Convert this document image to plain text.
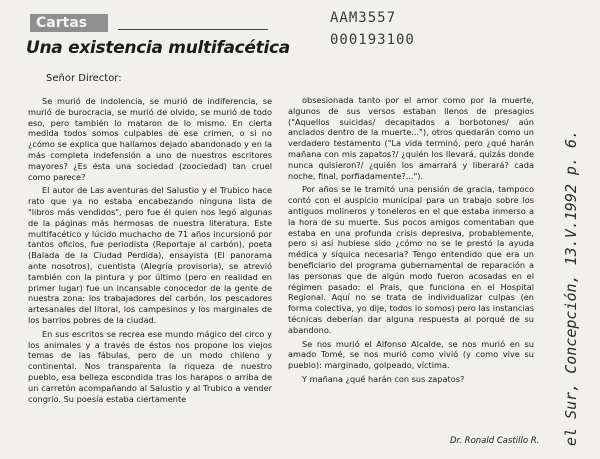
Cartas
Una existencia multifacética
AAM3557
000193100
Señor Director:

Se murió de indolencia, se murió de indiferencia, se murió de burocracia, se murió de olvido, se murió de todo eso, pero también lo mataron de lo mismo. En cierta medida todos somos culpables de ese crimen, o si no ¿cómo se explica que hallamos dejado abandonado y en la más completa indefensión a uno de nuestros escritores mayores? ¿Es ésta una sociedad (zoociedad) tan cruel como parece?

El autor de Las aventuras del Salustio y el Trubico hace rato que ya no estaba encabezando ninguna lista de "libros más vendidos", pero fue él quien nos legó algunas de la páginas más hermosas de nuestra literatura. Este multifacético y lúcido muchacho de 71 años incursionó por tantos oficios, fue periodista (Reportaje al carbón), poeta (Balada de la Ciudad Perdida), ensayista (El panorama ante nosotros), cuentista (Alegría provisoria), se atrevió también con la pintura y por último (pero en realidad en primer lugar) fue un incansable conocedor de la gente de nuestra zona: los trabajadores del carbón, los pescadores artesanales del litoral, los campesinos y los marginales de los barrios pobres de la ciudad.

En sus escritos se recrea ese mundo mágico del circo y los animales y a través de éstos nos propone los viejos temas de las fábulas, pero de un modo chileno y continental. Nos transparenta la riqueza de nuestro pueblo, esa belleza escondida tras los harapos o arriba de un carretón acompañando al Salustio y al Trubico a vender congrio. Su poesía estaba ciertamente

obsesionada tanto por el amor como por la muerte, algunos de sus versos estaban llenos de presagios ("Aquellos suicidas/ decapitados a borbotones/ aún anclados dentro de la muerte..."), otros quedarán como un verdadero testamento ("La vida terminó, pero ¿qué harán mañana con mis zapatos?/ ¿quién los llevará, quizás donde nunca quisieron?/ ¿quién los amarrará y liberará? cada noche, final, porfiadamente?...").

Por años se le tramitó una pensión de gracia, tampoco contó con el auspicio municipal para un trabajo sobre los antiguos molineros y toneleros en el que estaba inmerso a la hora de su muerte. Sus pocos amigos comentaban que estaba en una profunda crisis depresiva, probablemente, pero si así hubiese sido ¿cómo no se le prestó la ayuda médica y síquica necesaria? Tengo entendido que era un beneficiario del programa gubernamental de reparación a las personas que de algún modo fueron acosadas en el régimen pasado: el Prais, que funciona en el Hospital Regional. Aquí no se trata de individualizar culpas (en forma colectiva, yo dije, todos lo somos) pero las instancias técnicas deberían dar alguna respuesta al porqué de su abandono.

Se nos murió el Alfonso Alcalde, se nos murió en su amado Tomé, se nos murió como vivió (y como vive su pueblo): marginado, golpeado, víctima.

Y mañana ¿qué harán con sus zapatos?

Dr. Ronald Castillo R. el Sur, Concepción, 13.V.1992 p. 6.
